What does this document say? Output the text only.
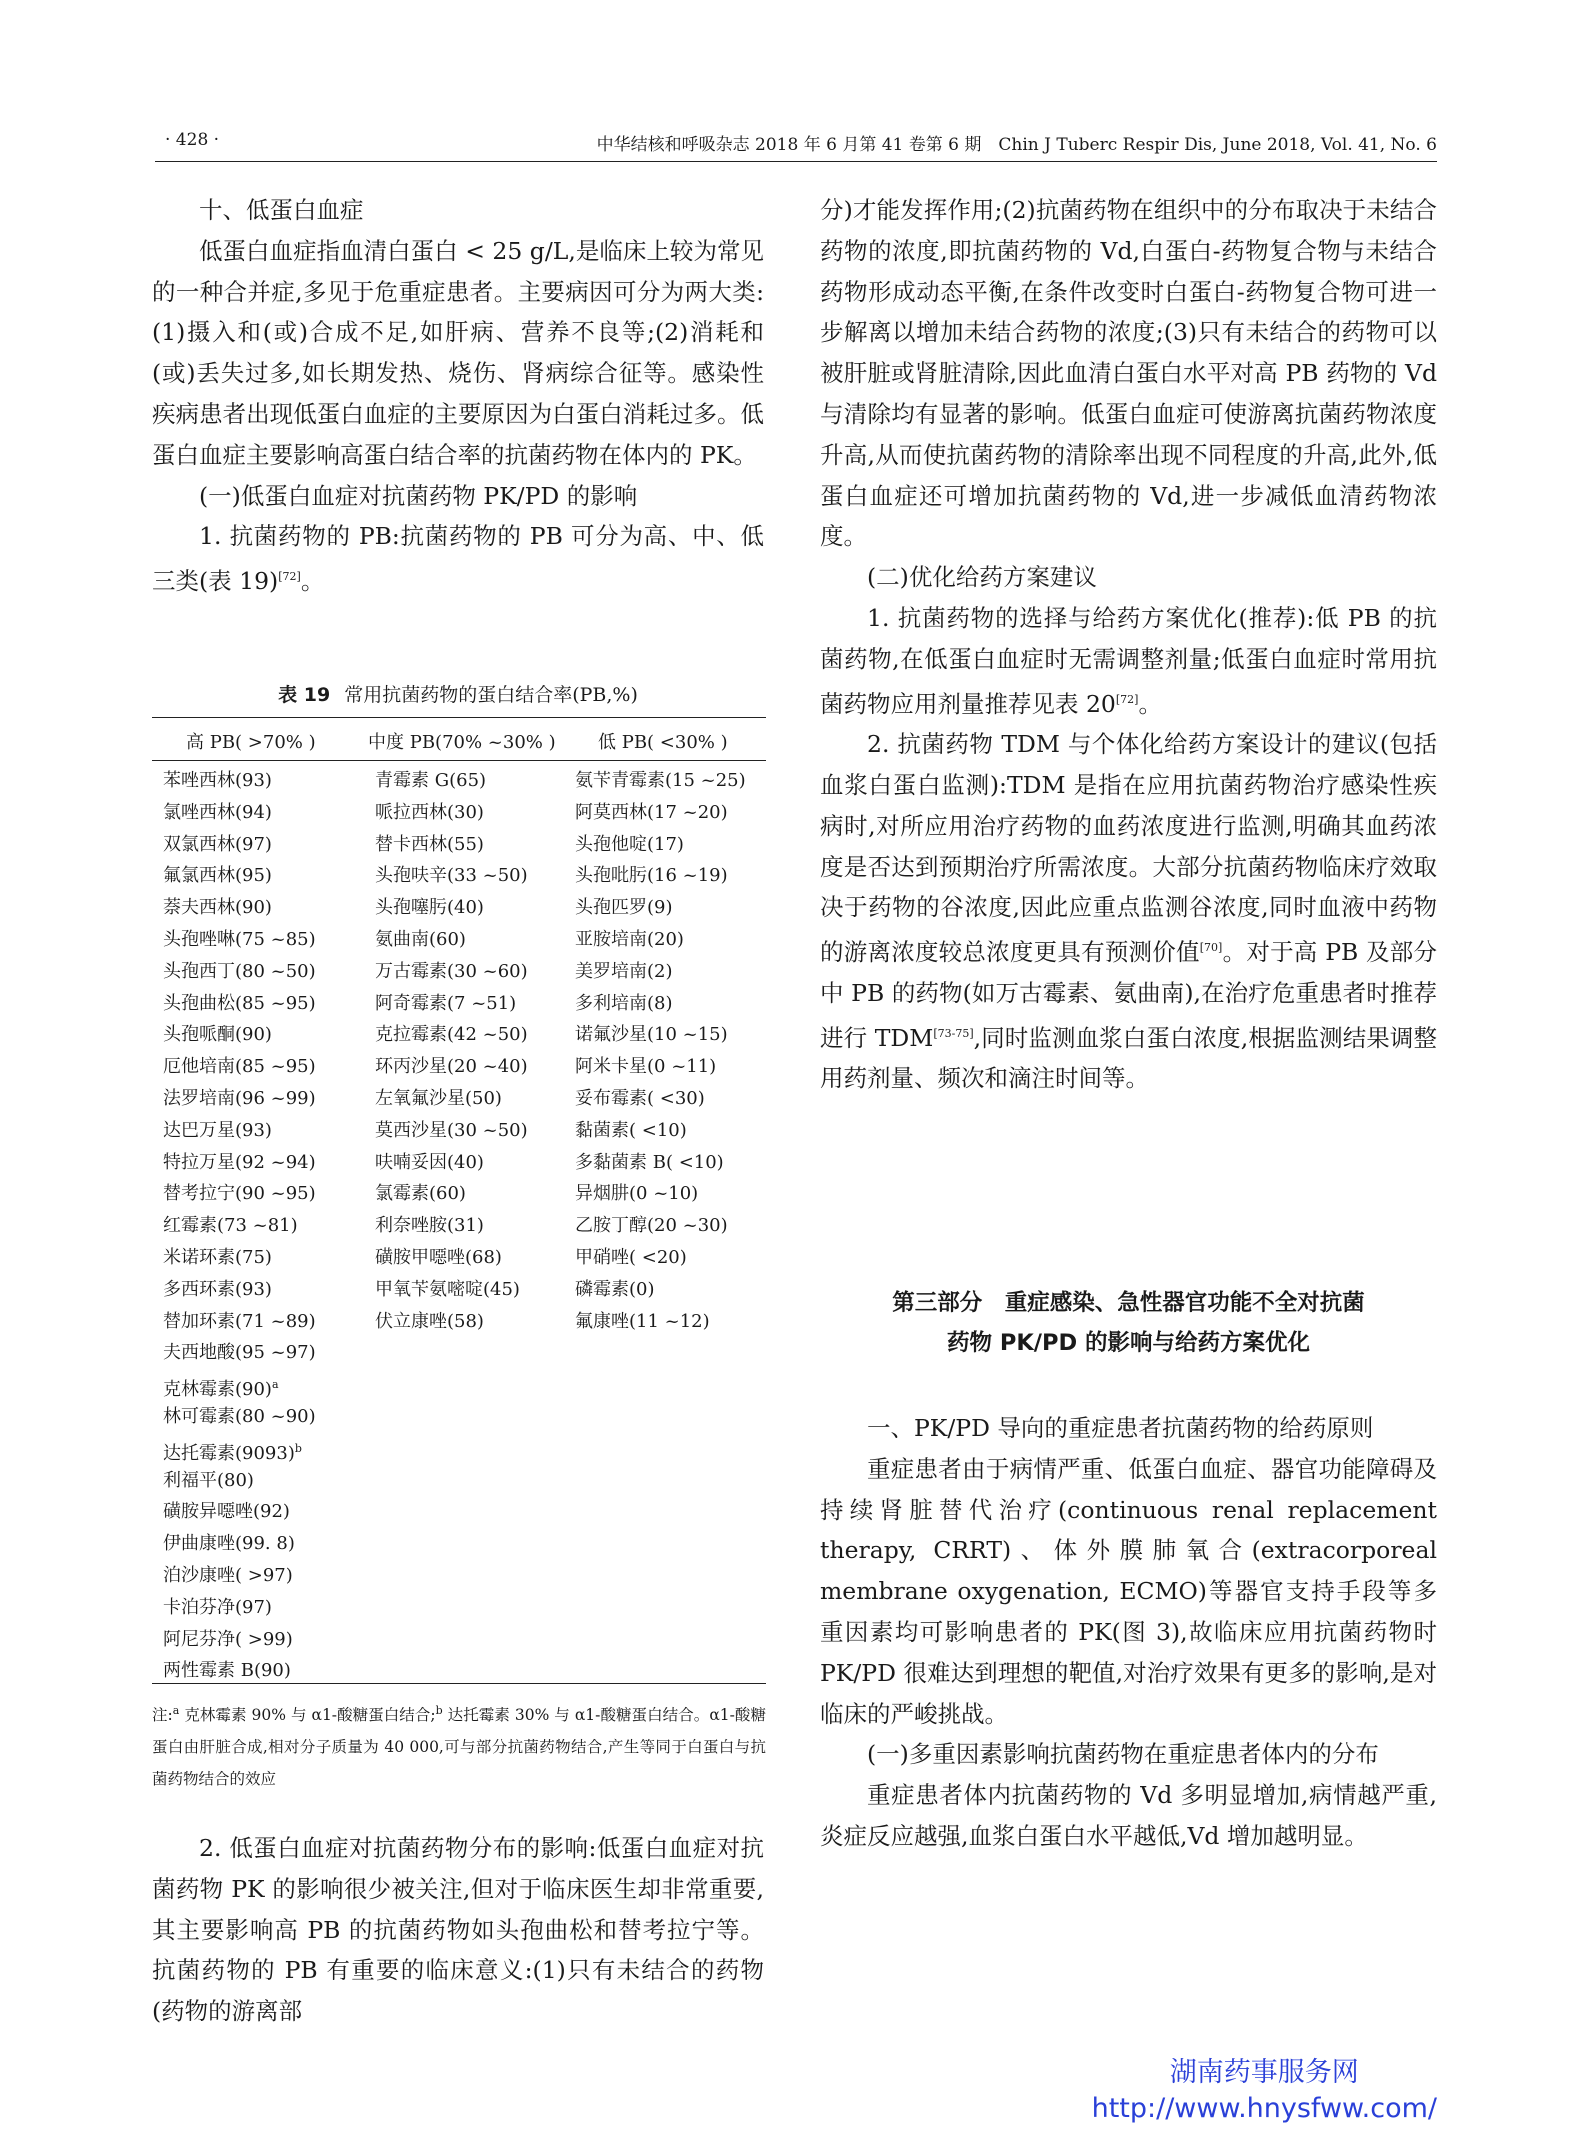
· 428 ·	中华结核和呼吸杂志 2018 年 6 月第 41 卷第 6 期　Chin J Tuberc Respir Dis, June 2018, Vol. 41, No. 6

十、低蛋白血症

低蛋白血症指血清白蛋白 < 25 g/L,是临床上较为常见的一种合并症,多见于危重症患者。主要病因可分为两大类:(1)摄入和(或)合成不足,如肝病、营养不良等;(2)消耗和(或)丢失过多,如长期发热、烧伤、肾病综合征等。感染性疾病患者出现低蛋白血症的主要原因为白蛋白消耗过多。低蛋白血症主要影响高蛋白结合率的抗菌药物在体内的 PK。

(一)低蛋白血症对抗菌药物 PK/PD 的影响

1. 抗菌药物的 PB:抗菌药物的 PB 可分为高、中、低三类(表 19)[72]。

表 19 常用抗菌药物的蛋白结合率(PB,%)
高 PB( >70% )	中度 PB(70% ~30% ) 低 PB( <30% )
苯唑西林(93)
氯唑西林(94)
双氯西林(97)
氟氯西林(95)
萘夫西林(90)
头孢唑啉(75 ~85)
头孢西丁(80 ~50)
头孢曲松(85 ~95)
头孢哌酮(90)
厄他培南(85 ~95)
法罗培南(96 ~99)
达巴万星(93)
特拉万星(92 ~94)
替考拉宁(90 ~95)
红霉素(73 ~81)
米诺环素(75)
多西环素(93)
替加环素(71 ~89)
夫西地酸(95 ~97)
克林霉素$(90)^a$
林可霉素(80 ~90)
达托霉素$(9093)^b$
利福平(80)
磺胺异噁唑(92)
伊曲康唑(99. 8)
泊沙康唑( >97)
卡泊芬净(97)
阿尼芬净( >99)
两性霉素 B(90)
青霉素 G(65)
哌拉西林(30)
替卡西林(55)
头孢呋辛(33 ~50)
头孢噻肟(40)
氨曲南(60)
万古霉素(30 ~60)
阿奇霉素(7 ~51)
克拉霉素(42 ~50)
环丙沙星(20 ~40)
左氧氟沙星(50)
莫西沙星(30 ~50)
呋喃妥因(40)
氯霉素(60)
利奈唑胺(31)
磺胺甲噁唑(68)
甲氧苄氨嘧啶(45)
伏立康唑(58)
氨苄青霉素(15 ~25)
阿莫西林(17 ~20)
头孢他啶(17)
头孢吡肟(16 ~19)
头孢匹罗(9)
亚胺培南(20)
美罗培南(2)
多利培南(8)
诺氟沙星(10 ~15)
阿米卡星(0 ~11)
妥布霉素( <30)
黏菌素( <10)
多黏菌素 B( <10)
异烟肼(0 ~10)
乙胺丁醇(20 ~30)
甲硝唑( <20)
磷霉素(0)
氟康唑(11 ~12)

注:$^a$ 克林霉素 90% 与 α1-酸糖蛋白结合;$^b$ 达托霉素 30% 与 α1-酸糖蛋白结合。α1-酸糖蛋白由肝脏合成,相对分子质量为 40 000,可与部分抗菌药物结合,产生等同于白蛋白与抗菌药物结合的效应

2. 低蛋白血症对抗菌药物分布的影响:低蛋白血症对抗菌药物 PK 的影响很少被关注,但对于临床医生却非常重要,其主要影响高 PB 的抗菌药物如头孢曲松和替考拉宁等。抗菌药物的 PB 有重要的临床意义:(1)只有未结合的药物(药物的游离部

分)才能发挥作用;(2)抗菌药物在组织中的分布取决于未结合药物的浓度,即抗菌药物的 Vd,白蛋白-药物复合物与未结合药物形成动态平衡,在条件改变时白蛋白-药物复合物可进一步解离以增加未结合药物的浓度;(3)只有未结合的药物可以被肝脏或肾脏清除,因此血清白蛋白水平对高 PB 药物的 Vd 与清除均有显著的影响。低蛋白血症可使游离抗菌药物浓度升高,从而使抗菌药物的清除率出现不同程度的升高,此外,低蛋白血症还可增加抗菌药物的 Vd,进一步减低血清药物浓度。

(二)优化给药方案建议

1. 抗菌药物的选择与给药方案优化(推荐):低 PB 的抗菌药物,在低蛋白血症时无需调整剂量;低蛋白血症时常用抗菌药物应用剂量推荐见表 20[72]。

2. 抗菌药物 TDM 与个体化给药方案设计的建议(包括血浆白蛋白监测):TDM 是指在应用抗菌药物治疗感染性疾病时,对所应用治疗药物的血药浓度进行监测,明确其血药浓度是否达到预期治疗所需浓度。大部分抗菌药物临床疗效取决于药物的谷浓度,因此应重点监测谷浓度,同时血液中药物的游离浓度较总浓度更具有预测价值[70]。对于高 PB 及部分中 PB 的药物(如万古霉素、氨曲南),在治疗危重患者时推荐进行 TDM[73-75],同时监测血浆白蛋白浓度,根据监测结果调整用药剂量、频次和滴注时间等。

第三部分　重症感染、急性器官功能不全对抗菌
药物 PK/PD 的影响与给药方案优化

一、PK/PD 导向的重症患者抗菌药物的给药原则

重症患者由于病情严重、低蛋白血症、器官功能障碍及持续肾脏替代治疗(continuous renal replacement therapy, CRRT)、体外膜肺氧合(extracorporeal membrane oxygenation, ECMO)等器官支持手段等多重因素均可影响患者的 PK(图 3),故临床应用抗菌药物时 PK/PD 很难达到理想的靶值,对治疗效果有更多的影响,是对临床的严峻挑战。

(一)多重因素影响抗菌药物在重症患者体内的分布

重症患者体内抗菌药物的 Vd 多明显增加,病情越严重,炎症反应越强,血浆白蛋白水平越低,Vd 增加越明显。

湖南药事服务网
http://www.hnysfww.com/
